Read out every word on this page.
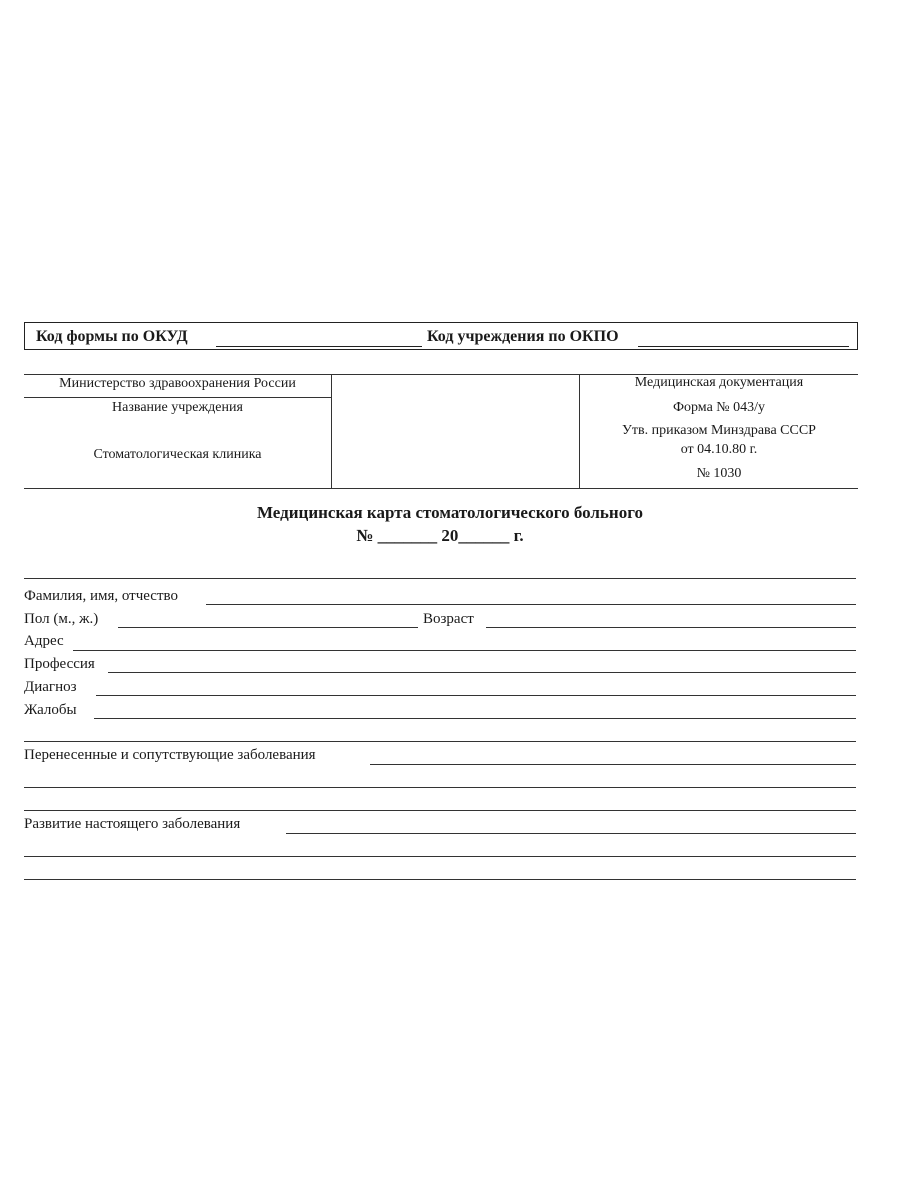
Код формы по ОКУД	Код учреждения по ОКПО
Министерство здравоохранения России
Название учреждения
Стоматологическая клиника
Медицинская документация
Форма № 043/у
Утв. приказом Минздрава СССР
от 04.10.80 г.
№ 1030
Медицинская карта стоматологического больного
№ _______ 20______ г.
Фамилия, имя, отчество
Пол (м., ж.)	Возраст
Адрес
Профессия
Диагноз
Жалобы
Перенесенные и сопутствующие заболевания
Развитие настоящего заболевания
